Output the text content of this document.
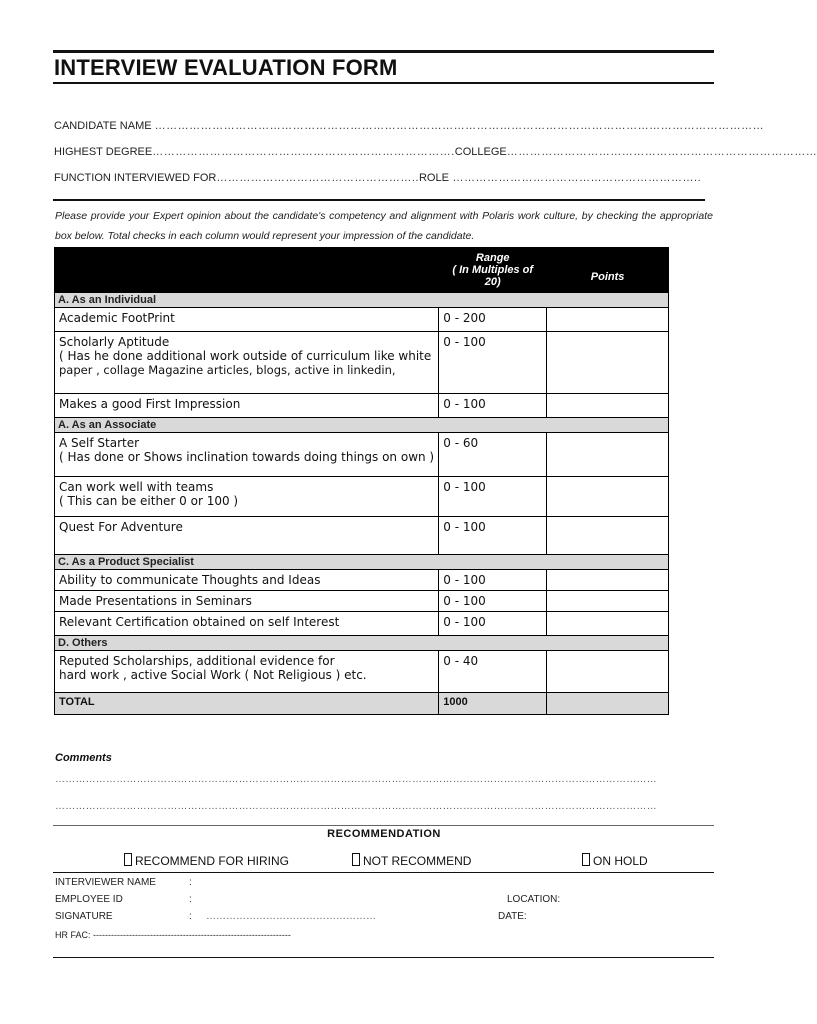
INTERVIEW EVALUATION FORM
CANDIDATE NAME ……………………………………………………………………………………………………………………………………………
HIGHEST DEGREE…………………………………………………………………….COLLEGE………………………………………………………………………
FUNCTION INTERVIEWED FOR……………………………………………..ROLE ………………………………………………………..
Please provide your Expert opinion about the candidate's competency and alignment with Polaris work culture, by checking the appropriate box below. Total checks in each column would represent your impression of the candidate.

	Range
( In Multiples of 20)	Points
A. As an Individual		

Academic FootPrint	0 - 200	

Scholarly Aptitude
( Has he done additional work outside of curriculum like white
paper , collage Magazine articles, blogs, active in linkedin,	0 - 100	

Makes a good First Impression	0 - 100	
A. As an Associate		

A Self Starter
( Has done or Shows inclination towards doing things on own )	0 - 60	

Can work well with teams
( This can be either 0 or 100 )	0 - 100	

Quest For Adventure	0 - 100	
C. As a Product Specialist		

Ability to communicate Thoughts and Ideas	0 - 100	

Made Presentations in Seminars	0 - 100	

Relevant Certification obtained on self Interest	0 - 100	
D. Others		

Reputed Scholarships, additional evidence for
hard work , active Social Work ( Not Religious ) etc.	0 - 40	
TOTAL	1000	
Comments
……………………………………………………………………………………………………………………………………………………………
……………………………………………………………………………………………………………………………………………………………
RECOMMENDATION
RECOMMEND FOR HIRING	NOT RECOMMEND	ON HOLD
INTERVIEWER NAME	:
EMPLOYEE ID	:	LOCATION:
SIGNATURE	: ……………………………………………	DATE:
HR FAC: ------------------------------------------------------------------
